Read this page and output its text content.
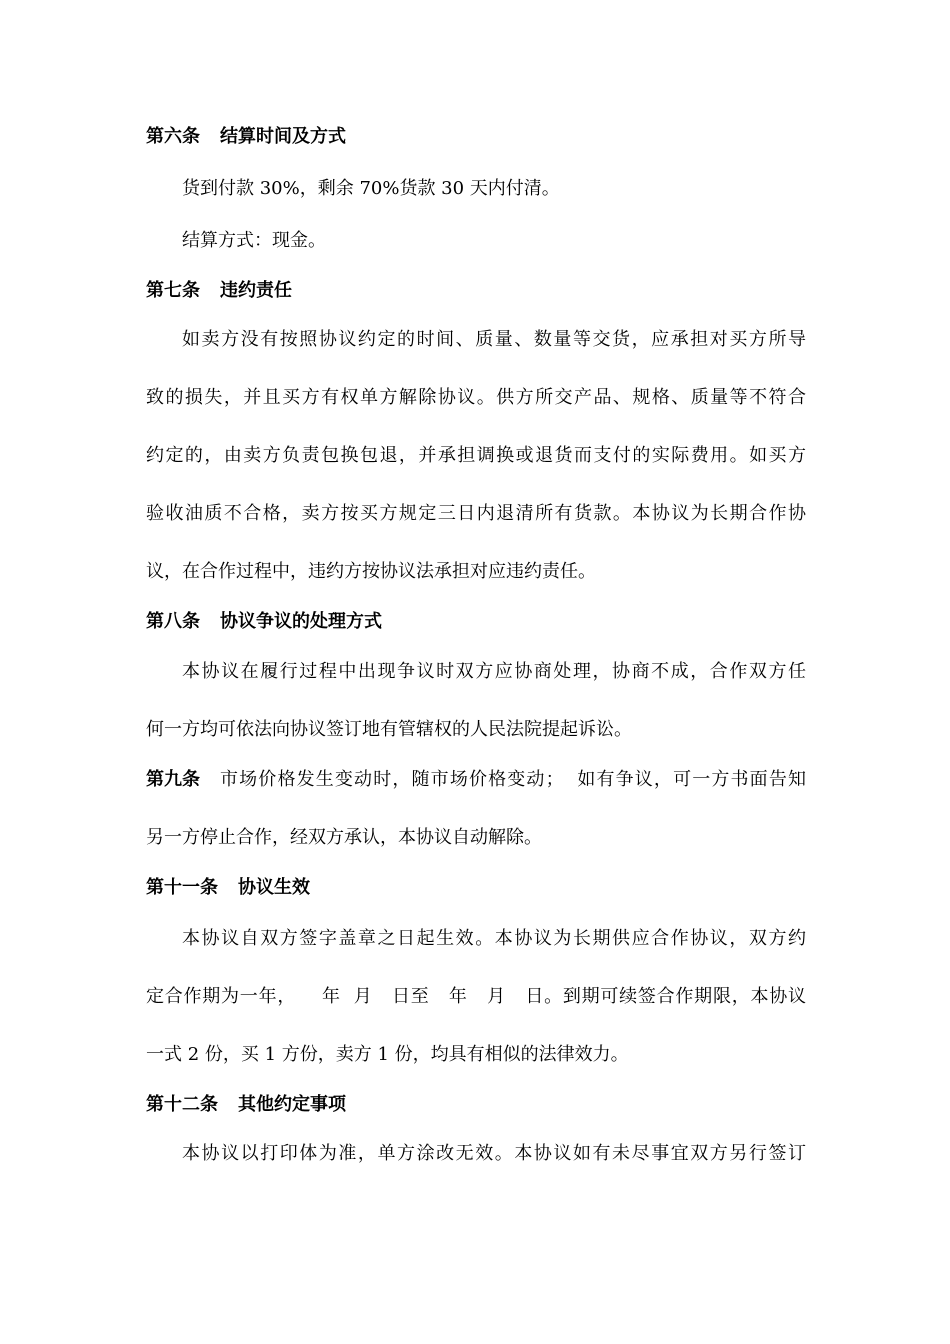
第六条 结算时间及方式
货到付款 30%，剩余 70%货款 30 天内付清。
结算方式：现金。
第七条 违约责任
如卖方没有按照协议约定的时间、质量、数量等交货，应承担对买方所导
致的损失，并且买方有权单方解除协议。供方所交产品、规格、质量等不符合
约定的，由卖方负责包换包退，并承担调换或退货而支付的实际费用。如买方
验收油质不合格，卖方按买方规定三日内退清所有货款。本协议为长期合作协
议，在合作过程中，违约方按协议法承担对应违约责任。
第八条 协议争议的处理方式
本协议在履行过程中出现争议时双方应协商处理，协商不成，合作双方任
何一方均可依法向协议签订地有管辖权的人民法院提起诉讼。
第九条 市场价格发生变动时，随市场价格变动；  如有争议，可一方书面告知
另一方停止合作，经双方承认，本协议自动解除。
第十一条 协议生效
本协议自双方签字盖章之日起生效。本协议为长期供应合作协议，双方约
定合作期为一年，    年  月   日至   年   月   日。到期可续签合作期限，本协议
一式 2 份，买 1 方份，卖方 1 份，均具有相似的法律效力。
第十二条 其他约定事项
本协议以打印体为准，单方涂改无效。本协议如有未尽事宜双方另行签订
